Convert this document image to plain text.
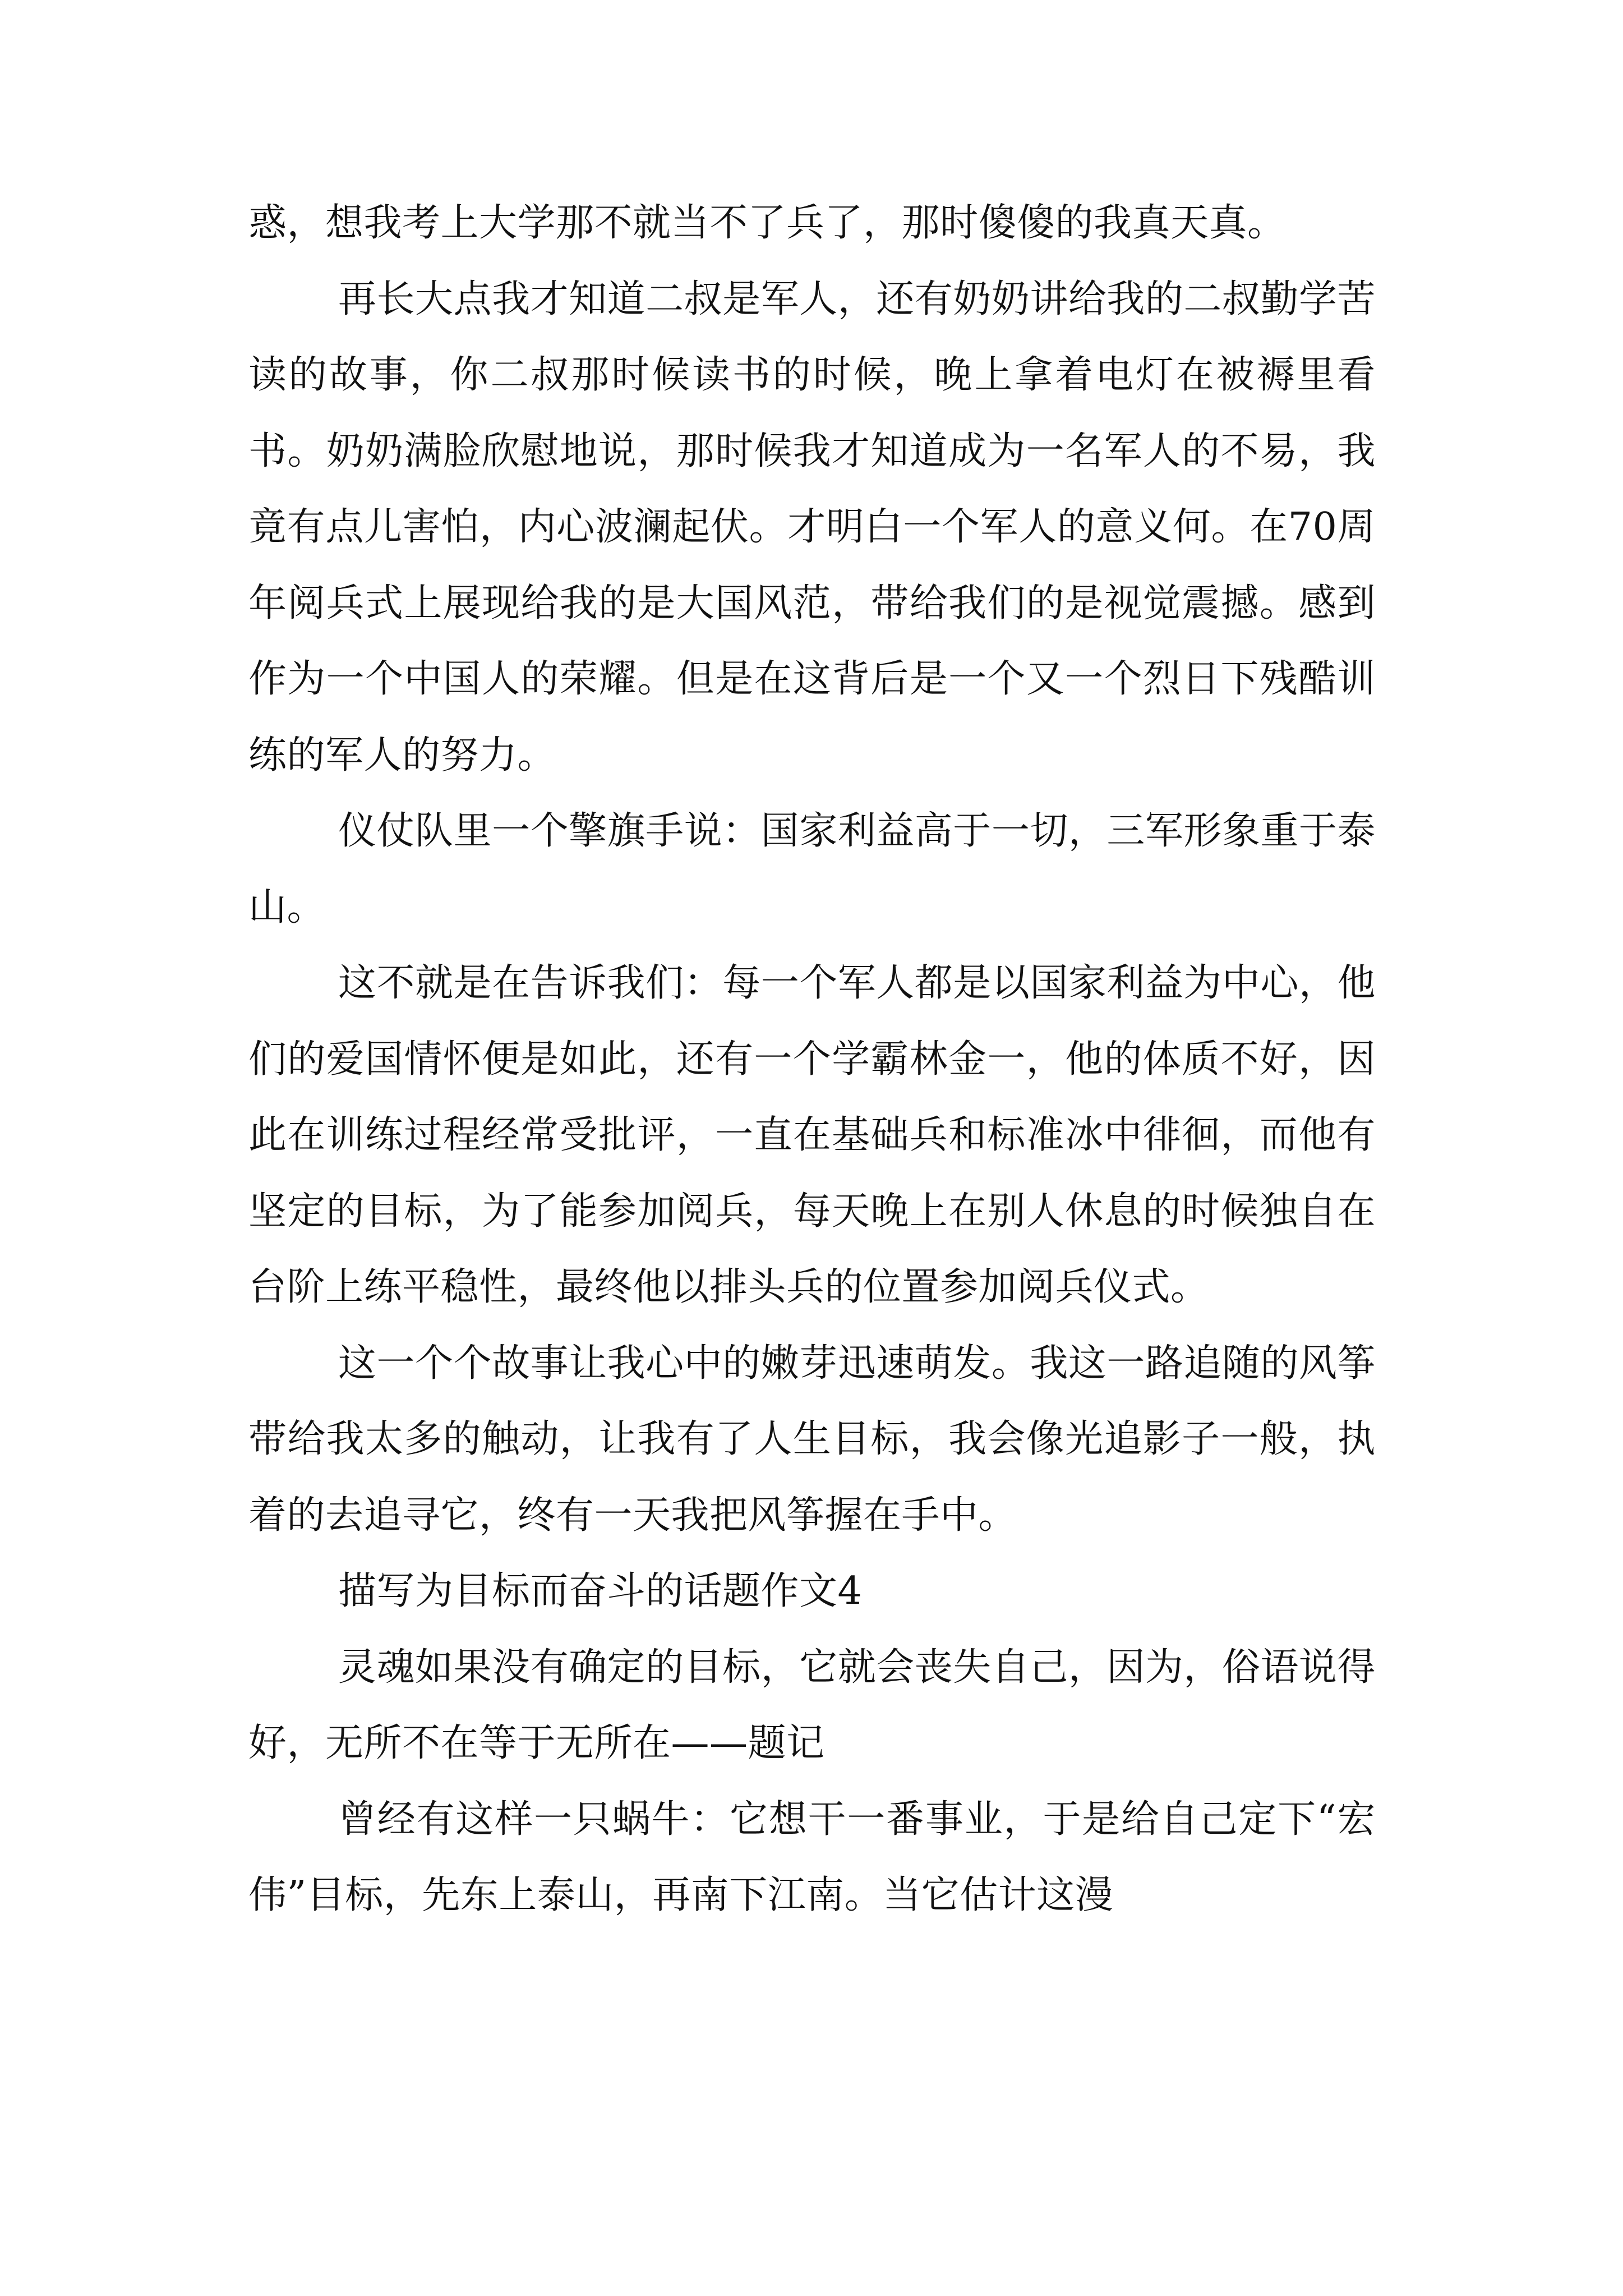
惑，想我考上大学那不就当不了兵了，那时傻傻的我真天真。

再长大点我才知道二叔是军人，还有奶奶讲给我的二叔勤学苦读的故事，你二叔那时候读书的时候，晚上拿着电灯在被褥里看书。奶奶满脸欣慰地说，那时候我才知道成为一名军人的不易，我竟有点儿害怕，内心波澜起伏。才明白一个军人的意义何。在70周年阅兵式上展现给我的是大国风范，带给我们的是视觉震撼。感到作为一个中国人的荣耀。但是在这背后是一个又一个烈日下残酷训练的军人的努力。

仪仗队里一个擎旗手说：国家利益高于一切，三军形象重于泰山。

这不就是在告诉我们：每一个军人都是以国家利益为中心，他们的爱国情怀便是如此，还有一个学霸林金一，他的体质不好，因此在训练过程经常受批评，一直在基础兵和标准冰中徘徊，而他有坚定的目标，为了能参加阅兵，每天晚上在别人休息的时候独自在台阶上练平稳性，最终他以排头兵的位置参加阅兵仪式。

这一个个故事让我心中的嫩芽迅速萌发。我这一路追随的风筝带给我太多的触动，让我有了人生目标，我会像光追影子一般，执着的去追寻它，终有一天我把风筝握在手中。

描写为目标而奋斗的话题作文4

灵魂如果没有确定的目标，它就会丧失自己，因为，俗语说得好，无所不在等于无所在——题记

曾经有这样一只蜗牛：它想干一番事业，于是给自己定下“宏伟”目标，先东上泰山，再南下江南。当它估计这漫
